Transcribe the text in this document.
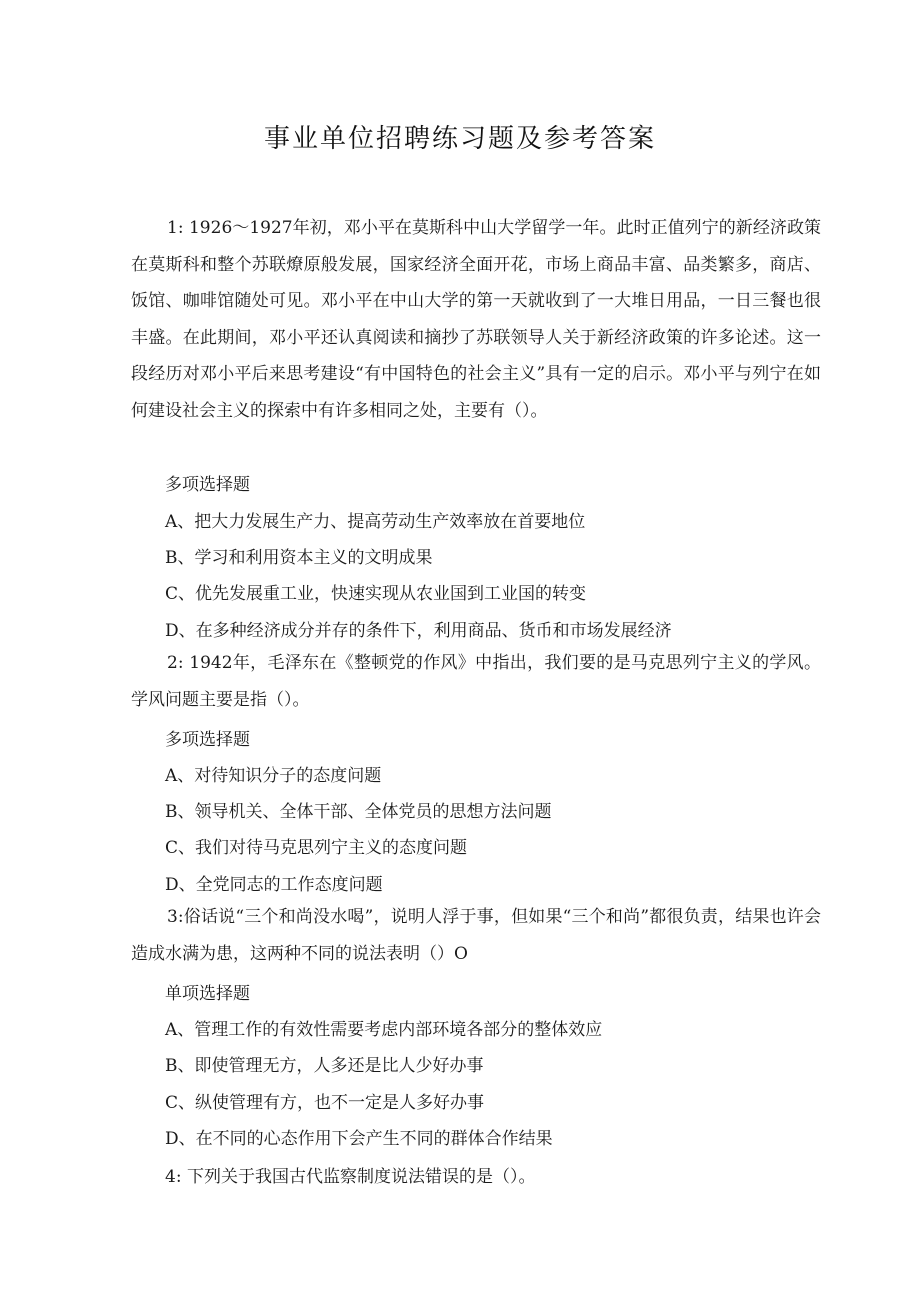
事业单位招聘练习题及参考答案

1: 1926～1927年初，邓小平在莫斯科中山大学留学一年。此时正值列宁的新经济政策在莫斯科和整个苏联燎原般发展，国家经济全面开花，市场上商品丰富、品类繁多，商店、饭馆、咖啡馆随处可见。邓小平在中山大学的第一天就收到了一大堆日用品，一日三餐也很丰盛。在此期间，邓小平还认真阅读和摘抄了苏联领导人关于新经济政策的许多论述。这一段经历对邓小平后来思考建设“有中国特色的社会主义”具有一定的启示。邓小平与列宁在如何建设社会主义的探索中有许多相同之处，主要有（）。

多项选择题

A、把大力发展生产力、提高劳动生产效率放在首要地位

B、学习和利用资本主义的文明成果

C、优先发展重工业，快速实现从农业国到工业国的转变

D、在多种经济成分并存的条件下，利用商品、货币和市场发展经济

2: 1942年，毛泽东在《整顿党的作风》中指出，我们要的是马克思列宁主义的学风。学风问题主要是指（）。

多项选择题

A、对待知识分子的态度问题

B、领导机关、全体干部、全体党员的思想方法问题

C、我们对待马克思列宁主义的态度问题

D、全党同志的工作态度问题

3:俗话说“三个和尚没水喝”，说明人浮于事，但如果“三个和尚”都很负责，结果也许会造成水满为患，这两种不同的说法表明（）O

单项选择题

A、管理工作的有效性需要考虑内部环境各部分的整体效应

B、即使管理无方，人多还是比人少好办事

C、纵使管理有方，也不一定是人多好办事

D、在不同的心态作用下会产生不同的群体合作结果

4: 下列关于我国古代监察制度说法错误的是（）。
